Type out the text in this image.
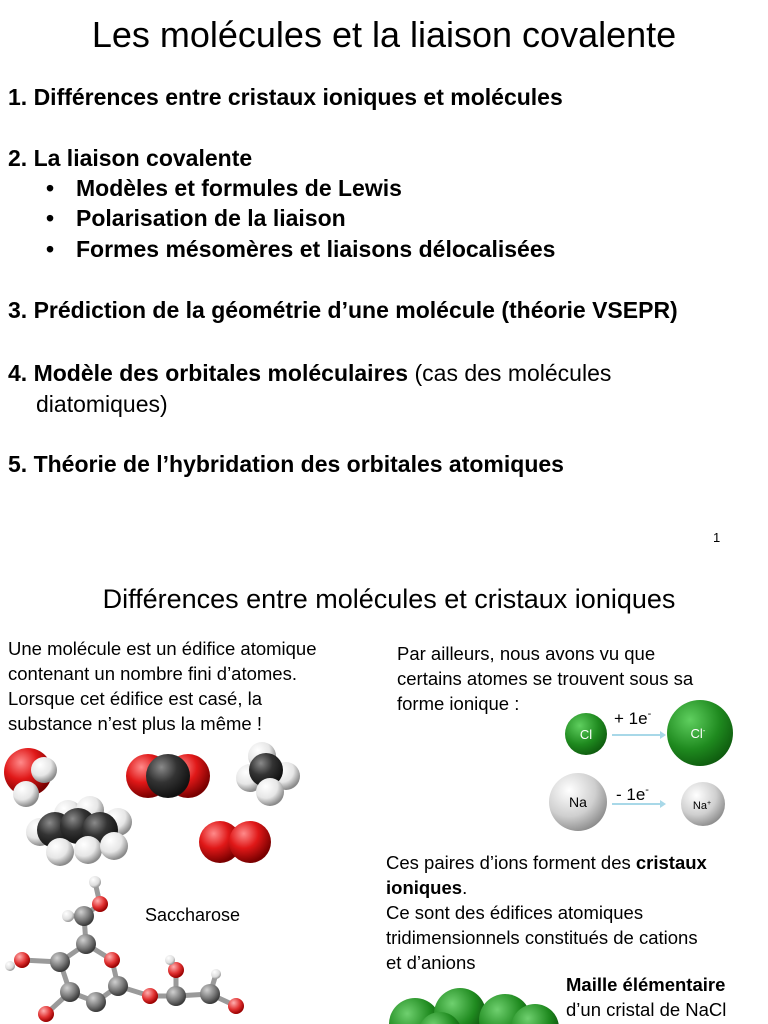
Les molécules et la liaison covalente
1. Différences entre cristaux ioniques et molécules
2. La liaison covalente
• Modèles et formules de Lewis
• Polarisation de la liaison
• Formes mésomères et liaisons délocalisées
3. Prédiction de la géométrie d’une molécule (théorie VSEPR)
4. Modèle des orbitales moléculaires (cas des molécules
diatomiques)
5. Théorie de l’hybridation des orbitales atomiques
1
Différences entre molécules et cristaux ioniques
Une molécule est un édifice atomique
contenant un nombre fini d’atomes.
Lorsque cet édifice est casé, la
substance n’est plus la même !
Par ailleurs, nous avons vu que
certains atomes se trouvent sous sa
forme ionique :
Saccharose
Cl
+ 1e-
Cl-
Na - 1e-
Na+
Ces paires d’ions forment des cristaux
ioniques.
Ce sont des édifices atomiques
tridimensionnels constitués de cations
et d’anions
Maille élémentaire
d’un cristal de NaCl
